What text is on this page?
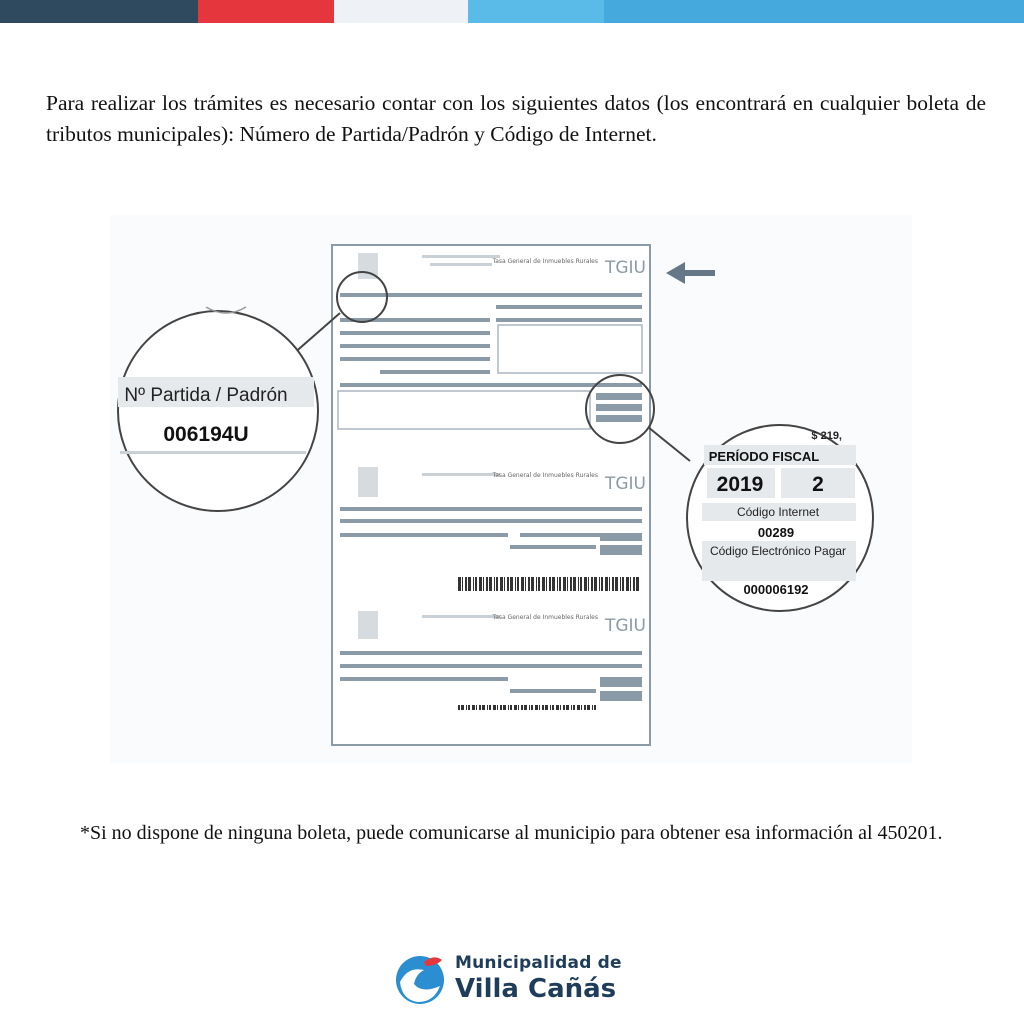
Para realizar los trámites es necesario contar con los siguientes datos (los encontrará en cualquier boleta de tributos municipales): Número de Partida/Padrón y Código de Internet.

Tasa General de Inmuebles Rurales TGIU
Tasa General de Inmuebles Rurales TGIU
Tasa General de Inmuebles Rurales TGIU
Nº Partida / Padrón
006194U	$ 219,
PERÍODO FISCAL
2019 2
Código Internet
00289
Código Electrónico Pagar
000006192

*Si no dispone de ninguna boleta, puede comunicarse al municipio para obtener esa información al 450201.

Municipalidad de
Villa Cañás
